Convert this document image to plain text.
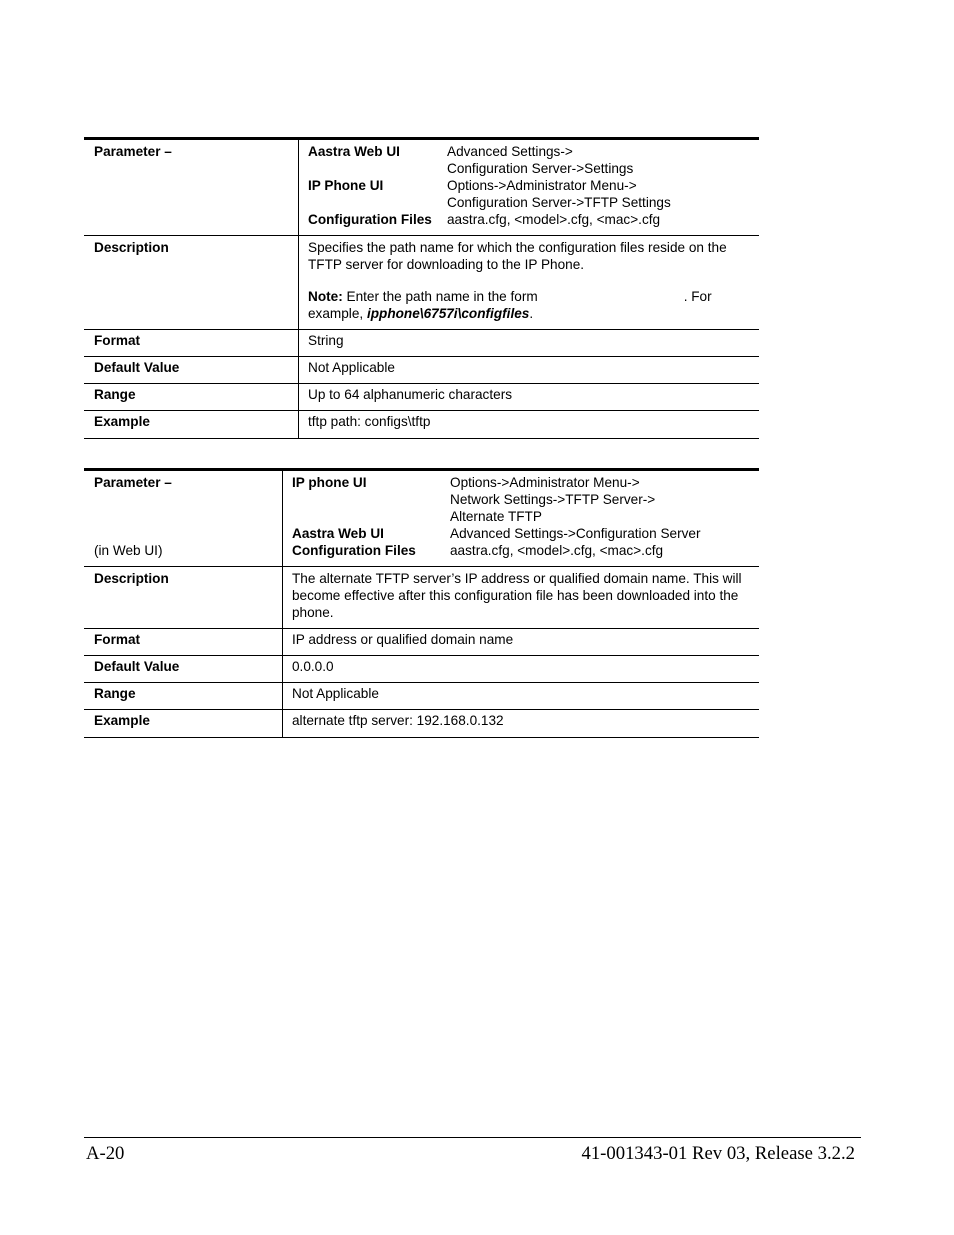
Parameter –		Aastra Web UI	Advanced Settings->
Configuration Server->Settings

IP Phone UI	Options->Administrator Menu->
Configuration Server->TFTP Settings

Configuration Files	aastra.cfg, <model>.cfg, <mac>.cfg

Description	Specifies the path name for which the configuration files reside on the TFTP server for downloading to the IP Phone.
Note: Enter the path name in the form	. For
example, ipphone\6757i\configfiles.

Format	String
Default Value	Not Applicable
Range	Up to 64 alphanumeric characters
Example	tftp path: configs\tftp
Parameter –
(in Web UI)

IP phone UI	Options->Administrator Menu->
Network Settings->TFTP Server->
Alternate TFTP

Aastra Web UI	Advanced Settings->Configuration Server

Configuration Files	aastra.cfg, <model>.cfg, <mac>.cfg

Description	The alternate TFTP server’s IP address or qualified domain name. This will become effective after this configuration file has been downloaded into the phone.
Format	IP address or qualified domain name
Default Value	0.0.0.0
Range	Not Applicable
Example	alternate tftp server: 192.168.0.132
A-20	41-001343-01 Rev 03, Release 3.2.2
